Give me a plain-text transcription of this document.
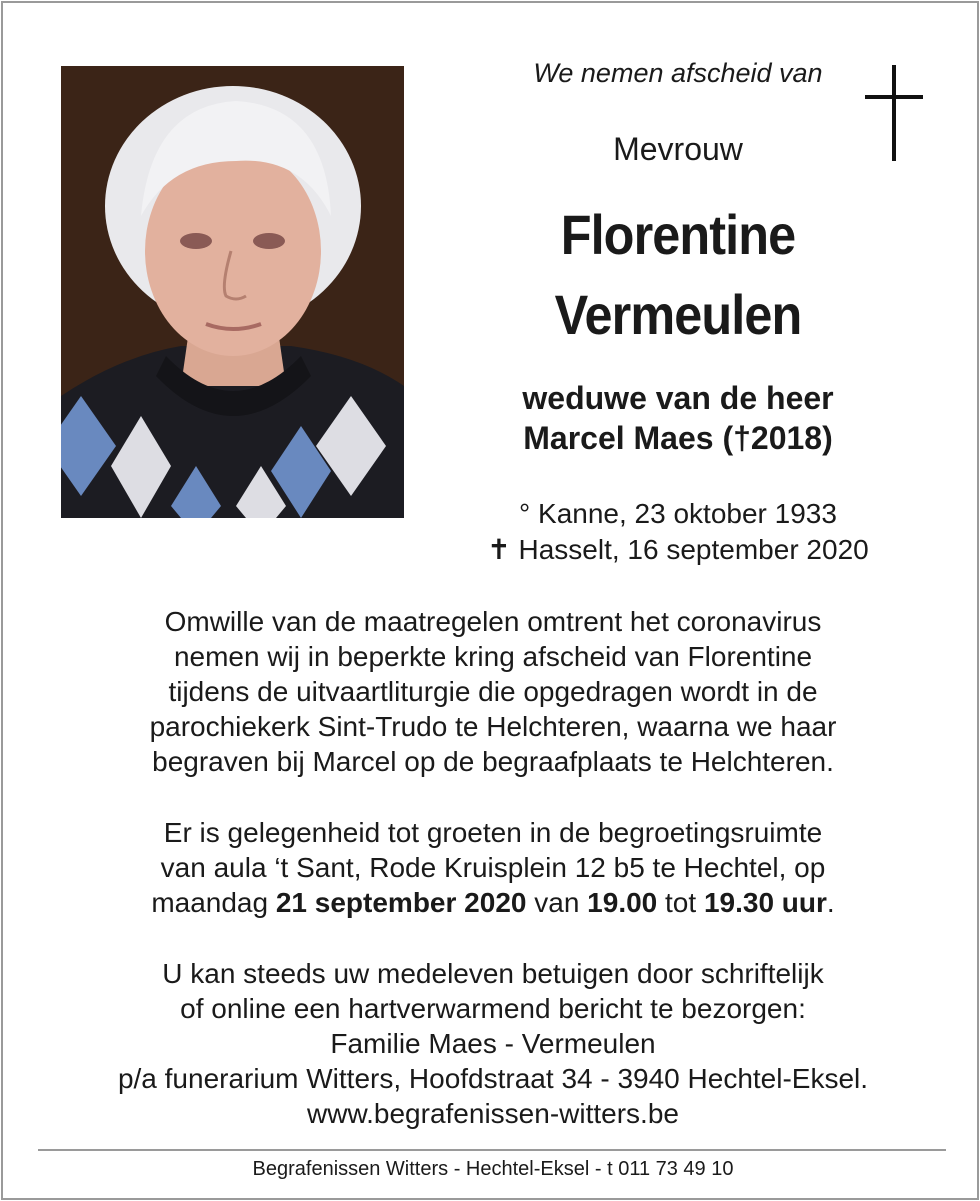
We nemen afscheid van
Mevrouw
Florentine
Vermeulen
weduwe van de heer
Marcel Maes (†2018)
° Kanne, 23 oktober 1933
✝ Hasselt, 16 september 2020
Omwille van de maatregelen omtrent het coronavirus
nemen wij in beperkte kring afscheid van Florentine
tijdens de uitvaartliturgie die opgedragen wordt in de
parochiekerk Sint-Trudo te Helchteren, waarna we haar
begraven bij Marcel op de begraafplaats te Helchteren.
Er is gelegenheid tot groeten in de begroetingsruimte
van aula ‘t Sant, Rode Kruisplein 12 b5 te Hechtel, op
maandag 21 september 2020 van 19.00 tot 19.30 uur.
U kan steeds uw medeleven betuigen door schriftelijk
of online een hartverwarmend bericht te bezorgen:
Familie Maes - Vermeulen
p/a funerarium Witters, Hoofdstraat 34 - 3940 Hechtel-Eksel.
www.begrafenissen-witters.be
Begrafenissen Witters - Hechtel-Eksel - t 011 73 49 10
